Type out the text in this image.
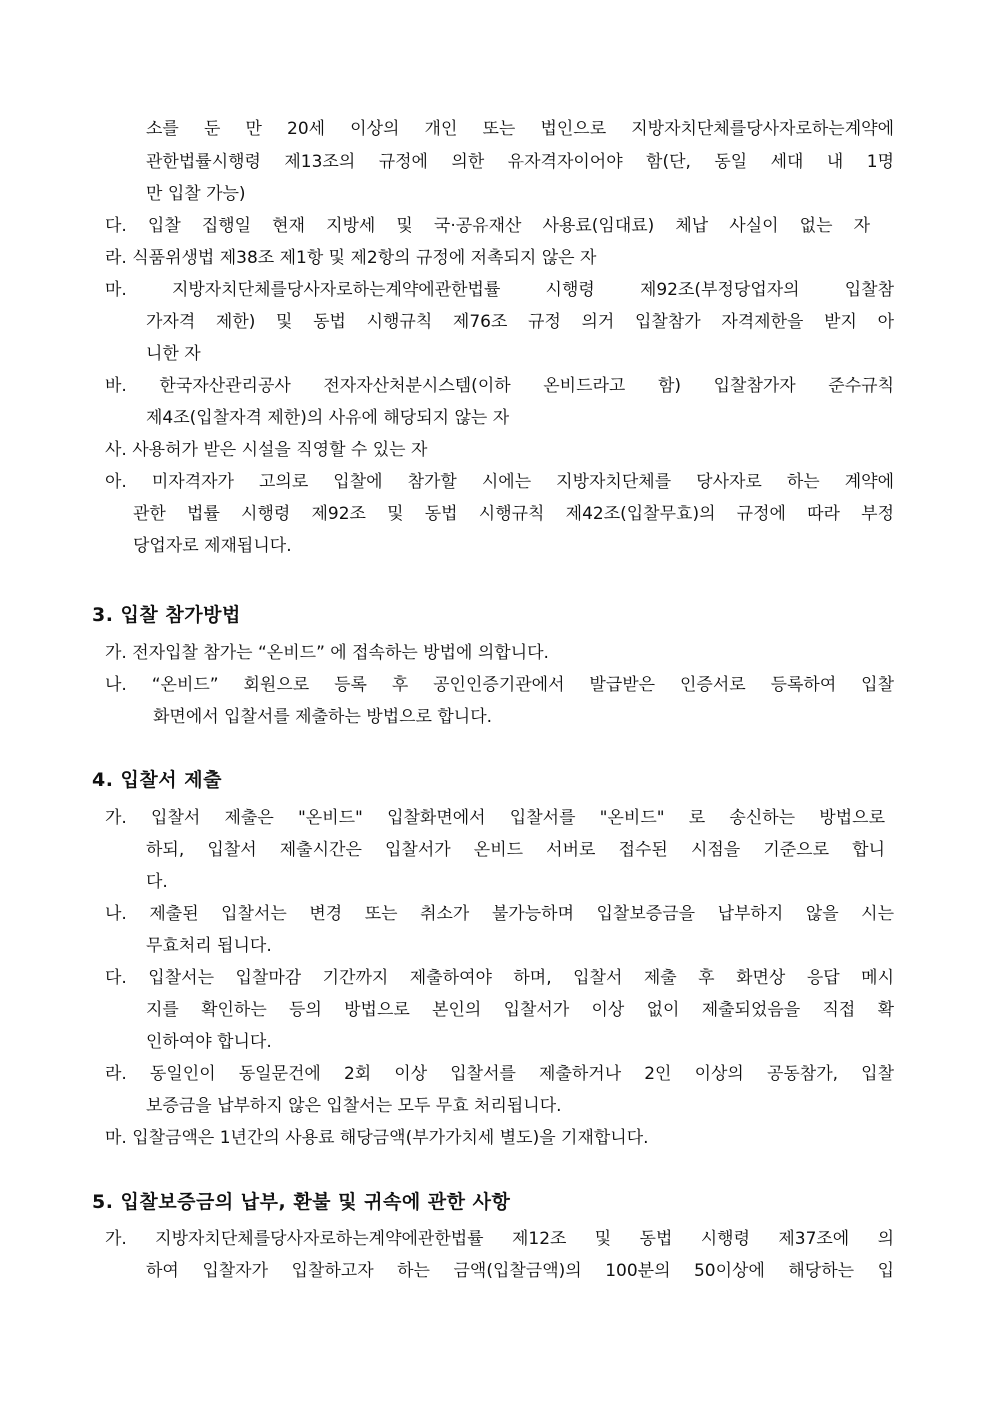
소를 둔 만 20세 이상의 개인 또는 법인으로 지방자치단체를당사자로하는계약에
관한법률시행령 제13조의 규정에 의한 유자격자이어야 함(단, 동일 세대 내 1명
만 입찰 가능)
다. 입찰 집행일 현재 지방세 및 국·공유재산 사용료(임대료) 체납 사실이 없는 자
라. 식품위생법 제38조 제1항 및 제2항의 규정에 저촉되지 않은 자
마. 지방자치단체를당사자로하는계약에관한법률 시행령 제92조(부정당업자의 입찰참
가자격 제한) 및 동법 시행규칙 제76조 규정 의거 입찰참가 자격제한을 받지 아
니한 자
바. 한국자산관리공사 전자자산처분시스템(이하 온비드라고 함) 입찰참가자 준수규칙
제4조(입찰자격 제한)의 사유에 해당되지 않는 자
사. 사용허가 받은 시설을 직영할 수 있는 자
아. 미자격자가 고의로 입찰에 참가할 시에는 지방자치단체를 당사자로 하는 계약에
관한 법률 시행령 제92조 및 동법 시행규칙 제42조(입찰무효)의 규정에 따라 부정
당업자로 제재됩니다.
3. 입찰 참가방법
가. 전자입찰 참가는 “온비드” 에 접속하는 방법에 의합니다.
나. “온비드” 회원으로 등록 후 공인인증기관에서 발급받은 인증서로 등록하여 입찰
화면에서 입찰서를 제출하는 방법으로 합니다.
4. 입찰서 제출
가. 입찰서 제출은 "온비드" 입찰화면에서 입찰서를 "온비드" 로 송신하는 방법으로
하되, 입찰서 제출시간은 입찰서가 온비드 서버로 접수된 시점을 기준으로 합니
다.
나. 제출된 입찰서는 변경 또는 취소가 불가능하며 입찰보증금을 납부하지 않을 시는
무효처리 됩니다.
다. 입찰서는 입찰마감 기간까지 제출하여야 하며, 입찰서 제출 후 화면상 응답 메시
지를 확인하는 등의 방법으로 본인의 입찰서가 이상 없이 제출되었음을 직접 확
인하여야 합니다.
라. 동일인이 동일문건에 2회 이상 입찰서를 제출하거나 2인 이상의 공동참가, 입찰
보증금을 납부하지 않은 입찰서는 모두 무효 처리됩니다.
마. 입찰금액은 1년간의 사용료 해당금액(부가가치세 별도)을 기재합니다.
5. 입찰보증금의 납부, 환불 및 귀속에 관한 사항
가. 지방자치단체를당사자로하는계약에관한법률 제12조 및 동법 시행령 제37조에 의
하여 입찰자가 입찰하고자 하는 금액(입찰금액)의 100분의 50이상에 해당하는 입
